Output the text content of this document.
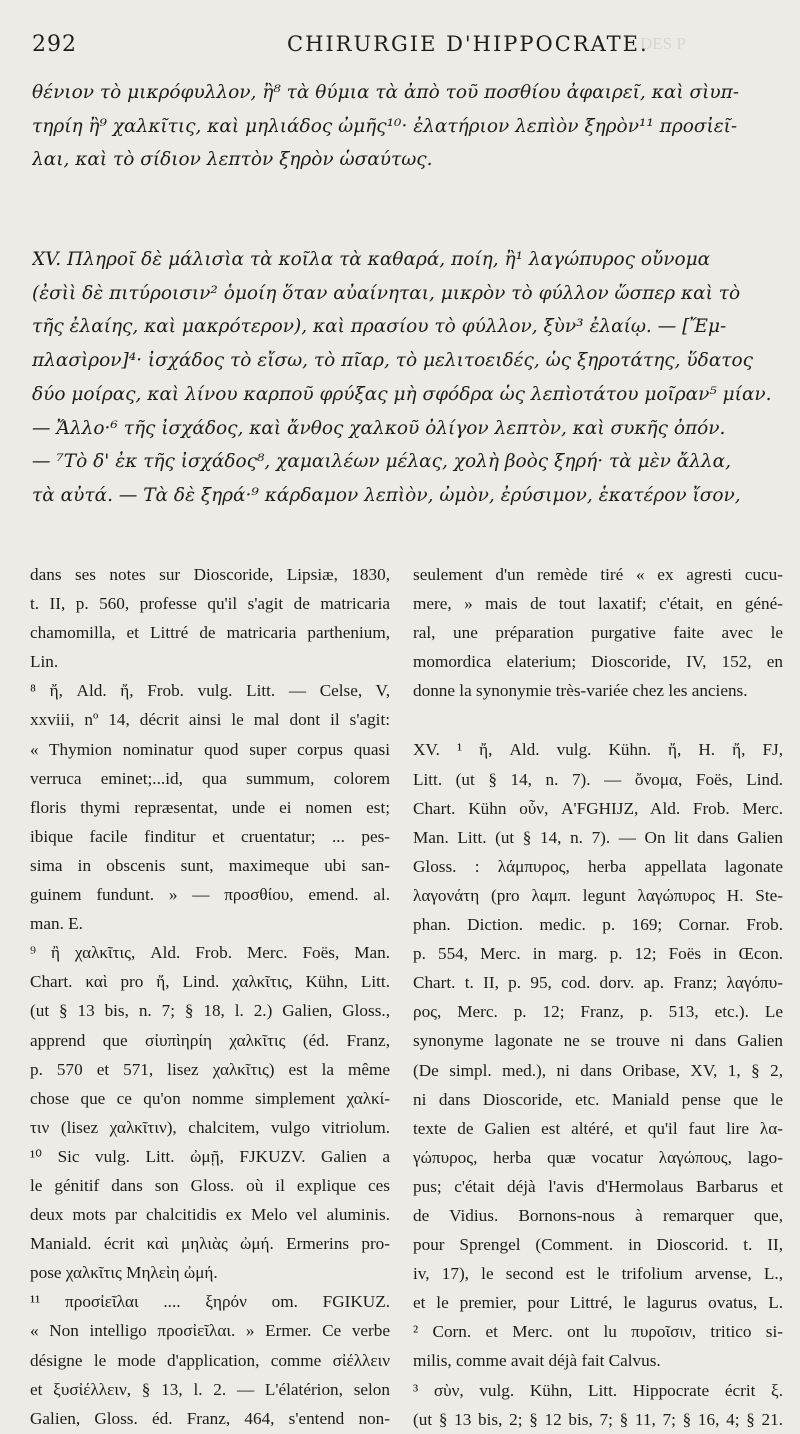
DES P
292	CHIRURGIE D'HIPPOCRATE.
θένιον τὸ μικρόφυλλον, ἢ⁸ τὰ θύμια τὰ ἀπὸ τοῦ ποσθίου ἀφαιρεῖ, καὶ σὶυπ-
τηρίη ἢ⁹ χαλκῖτις, καὶ μηλιάδος ὠμῆς¹⁰· ἐλατήριον λεπὶὸν ξηρὸν¹¹ προσἰεῖ-
λαι, καὶ τὸ σίδιον λεπτὸν ξηρὸν ὡσαύτως.
XV. Πληροῖ δὲ μάλισὶα τὰ κοῖλα τὰ καθαρά, ποίη, ἢ¹ λαγώπυρος οὔνομα
(ἐσὶὶ δὲ πιτύροισιν² ὁμοίη ὅταν αὐαίνηται, μικρὸν τὸ φύλλον ὥσπερ καὶ τὸ
τῆς ἐλαίης, καὶ μακρότερον), καὶ πρασίου τὸ φύλλον, ξὺν³ ἐλαίῳ. — [Ἔμ-
πλασὶρον]⁴· ἰσχάδος τὸ εἴσω, τὸ πῖαρ, τὸ μελιτοειδές, ὡς ξηροτάτης, ὕδατος
δύο μοίρας, καὶ λίνου καρποῦ φρύξας μὴ σφόδρα ὡς λεπὶοτάτου μοῖραν⁵ μίαν.
— Ἄλλο·⁶ τῆς ἰσχάδος, καὶ ἄνθος χαλκοῦ ὀλίγον λεπτὸν, καὶ συκῆς ὀπόν.
— ⁷Τὸ δ' ἐκ τῆς ἰσχάδος⁸, χαμαιλέων μέλας, χολὴ βοὸς ξηρή· τὰ μὲν ἄλλα,
τὰ αὐτά. — Τὰ δὲ ξηρά·⁹ κάρδαμον λεπὶὸν, ὠμὸν, ἐρύσιμον, ἑκατέρον ἴσον,
dans ses notes sur Dioscoride, Lipsiæ, 1830,
t. II, p. 560, professe qu'il s'agit de matricaria
chamomilla, et Littré de matricaria parthenium,
Lin.
⁸ ἤ, Ald. ἤ, Frob. vulg. Litt. — Celse, V,
xxviii, nº 14, décrit ainsi le mal dont il s'agit:
« Thymion nominatur quod super corpus quasi
verruca eminet;...id, qua summum, colorem
floris thymi repræsentat, unde ei nomen est;
ibique facile finditur et cruentatur; ... pes-
sima in obscenis sunt, maximeque ubi san-
guinem fundunt. » — προσθίου, emend. al.
man. E.
⁹ ἢ χαλκῖτις, Ald. Frob. Merc. Foës, Man.
Chart. καὶ pro ἤ, Lind. χαλκῖτις, Kühn, Litt.
(ut § 13 bis, n. 7; § 18, l. 2.) Galien, Gloss.,
apprend que σἰυπὶηρίη χαλκῖτις (éd. Franz,
p. 570 et 571, lisez χαλκῖτις) est la même
chose que ce qu'on nomme simplement χαλκί-
τιν (lisez χαλκῖτιν), chalcitem, vulgo vitriolum.
¹⁰ Sic vulg. Litt. ὠμῇ, FJKUZV. Galien a
le génitif dans son Gloss. où il explique ces
deux mots par chalcitidis ex Melo vel aluminis.
Maniald. écrit καὶ μηλιὰς ὠμή. Ermerins pro-
pose χαλκῖτις Μηλεὶη ὠμή.
¹¹ προσἰεῖλαι .... ξηρόν om. FGIKUZ.
« Non intelligo προσἰεῖλαι. » Ermer. Ce verbe
désigne le mode d'application, comme σἰέλλειν
et ξυσἰέλλειν, § 13, l. 2. — L'élatérion, selon
Galien, Gloss. éd. Franz, 464, s'entend non-
seulement d'un remède tiré « ex agresti cucu-
mere, » mais de tout laxatif; c'était, en géné-
ral, une préparation purgative faite avec le
momordica elaterium; Dioscoride, IV, 152, en
donne la synonymie très-variée chez les anciens.
XV. ¹ ἤ, Ald. vulg. Kühn. ἤ, H. ἤ, FJ,
Litt. (ut § 14, n. 7). — ὄνομα, Foës, Lind.
Chart. Kühn οὖν, A'FGHIJZ, Ald. Frob. Merc.
Man. Litt. (ut § 14, n. 7). — On lit dans Galien
Gloss. : λάμπυρος, herba appellata lagonate
λαγονάτη (pro λαμπ. legunt λαγώπυρος H. Ste-
phan. Diction. medic. p. 169; Cornar. Frob.
p. 554, Merc. in marg. p. 12; Foës in Œcon.
Chart. t. II, p. 95, cod. dorv. ap. Franz; λαγόπυ-
ρος, Merc. p. 12; Franz, p. 513, etc.). Le
synonyme lagonate ne se trouve ni dans Galien
(De simpl. med.), ni dans Oribase, XV, 1, § 2,
ni dans Dioscoride, etc. Maniald pense que le
texte de Galien est altéré, et qu'il faut lire λα-
γώπυρος, herba quæ vocatur λαγώπους, lago-
pus; c'était déjà l'avis d'Hermolaus Barbarus et
de Vidius. Bornons-nous à remarquer que,
pour Sprengel (Comment. in Dioscorid. t. II,
iv, 17), le second est le trifolium arvense, L.,
et le premier, pour Littré, le lagurus ovatus, L.
² Corn. et Merc. ont lu πυροῖσιν, tritico si-
milis, comme avait déjà fait Calvus.
³ σὺν, vulg. Kühn, Litt. Hippocrate écrit ξ.
(ut § 13 bis, 2; § 12 bis, 7; § 11, 7; § 16, 4; § 21.
